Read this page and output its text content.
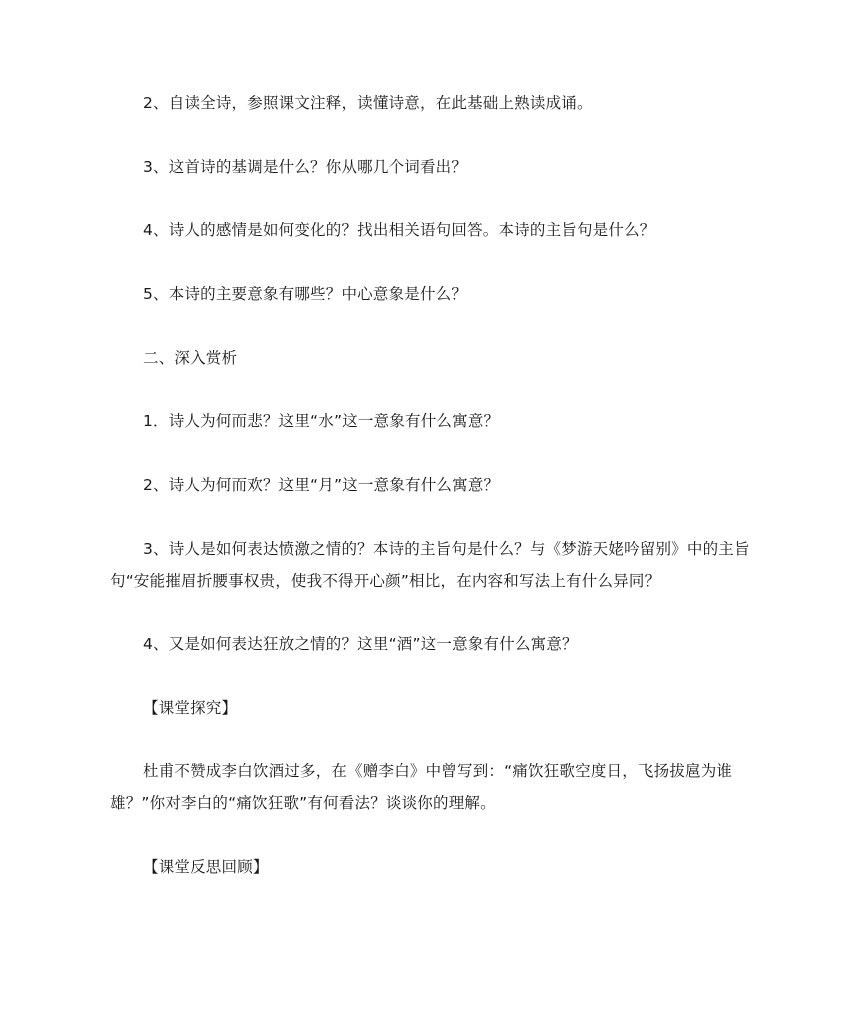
2、自读全诗，参照课文注释，读懂诗意，在此基础上熟读成诵。

3、这首诗的基调是什么？你从哪几个词看出？

4、诗人的感情是如何变化的？找出相关语句回答。本诗的主旨句是什么？

5、本诗的主要意象有哪些？中心意象是什么？

二、深入赏析

1．诗人为何而悲？这里“水”这一意象有什么寓意？

2、诗人为何而欢？这里“月”这一意象有什么寓意？

3、诗人是如何表达愤激之情的？本诗的主旨句是什么？与《梦游天姥吟留别》中的主旨句“安能摧眉折腰事权贵，使我不得开心颜”相比，在内容和写法上有什么异同？

4、又是如何表达狂放之情的？这里“酒”这一意象有什么寓意？

【课堂探究】

杜甫不赞成李白饮酒过多，在《赠李白》中曾写到：“痛饮狂歌空度日，飞扬拔扈为谁雄？”你对李白的“痛饮狂歌”有何看法？谈谈你的理解。

【课堂反思回顾】
